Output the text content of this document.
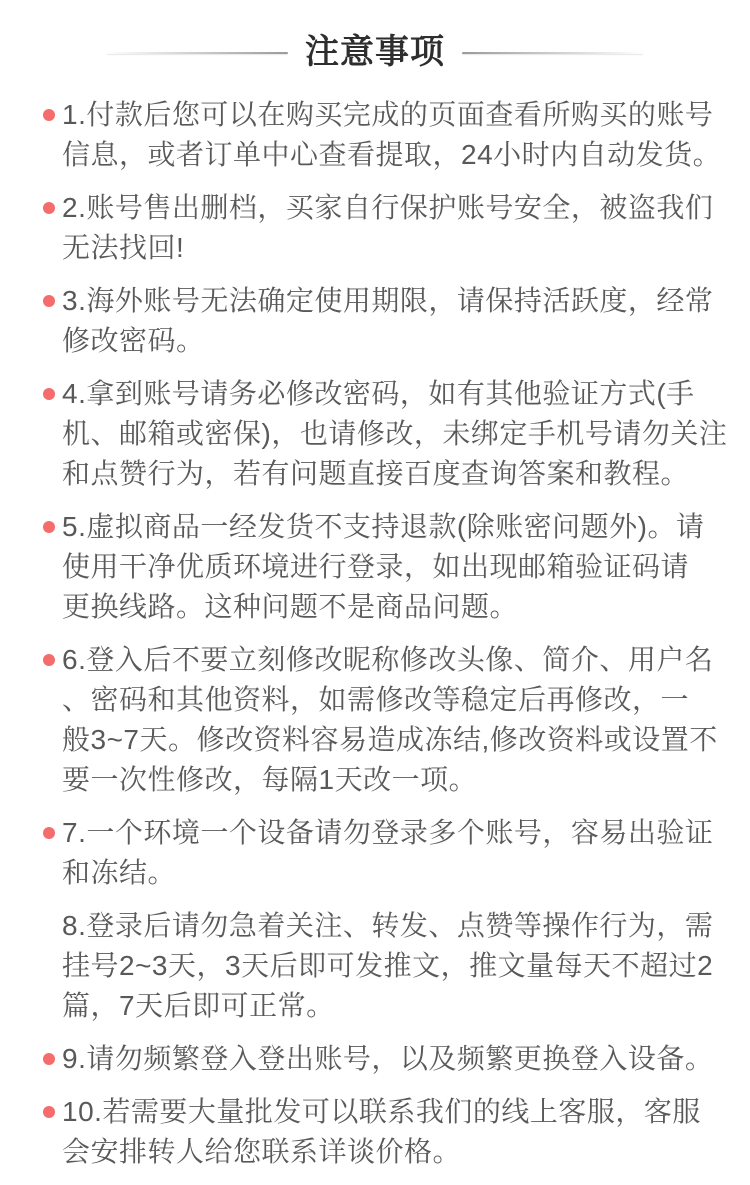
注意事项
1.付款后您可以在购买完成的页面查看所购买的账号
信息，或者订单中心查看提取，24小时内自动发货。
2.账号售出删档，买家自行保护账号安全，被盗我们
无法找回!
3.海外账号无法确定使用期限，请保持活跃度，经常
修改密码。
4.拿到账号请务必修改密码，如有其他验证方式(手
机、邮箱或密保)，也请修改，未绑定手机号请勿关注
和点赞行为，若有问题直接百度查询答案和教程。
5.虚拟商品一经发货不支持退款(除账密问题外)。请
使用干净优质环境进行登录，如出现邮箱验证码请
更换线路。这种问题不是商品问题。
6.登入后不要立刻修改昵称修改头像、简介、用户名
、密码和其他资料，如需修改等稳定后再修改，一
般3~7天。修改资料容易造成冻结,修改资料或设置不
要一次性修改，每隔1天改一项。
7.一个环境一个设备请勿登录多个账号，容易出验证
和冻结。
8.登录后请勿急着关注、转发、点赞等操作行为，需
挂号2~3天，3天后即可发推文，推文量每天不超过2
篇，7天后即可正常。
9.请勿频繁登入登出账号，以及频繁更换登入设备。
10.若需要大量批发可以联系我们的线上客服，客服
会安排转人给您联系详谈价格。
